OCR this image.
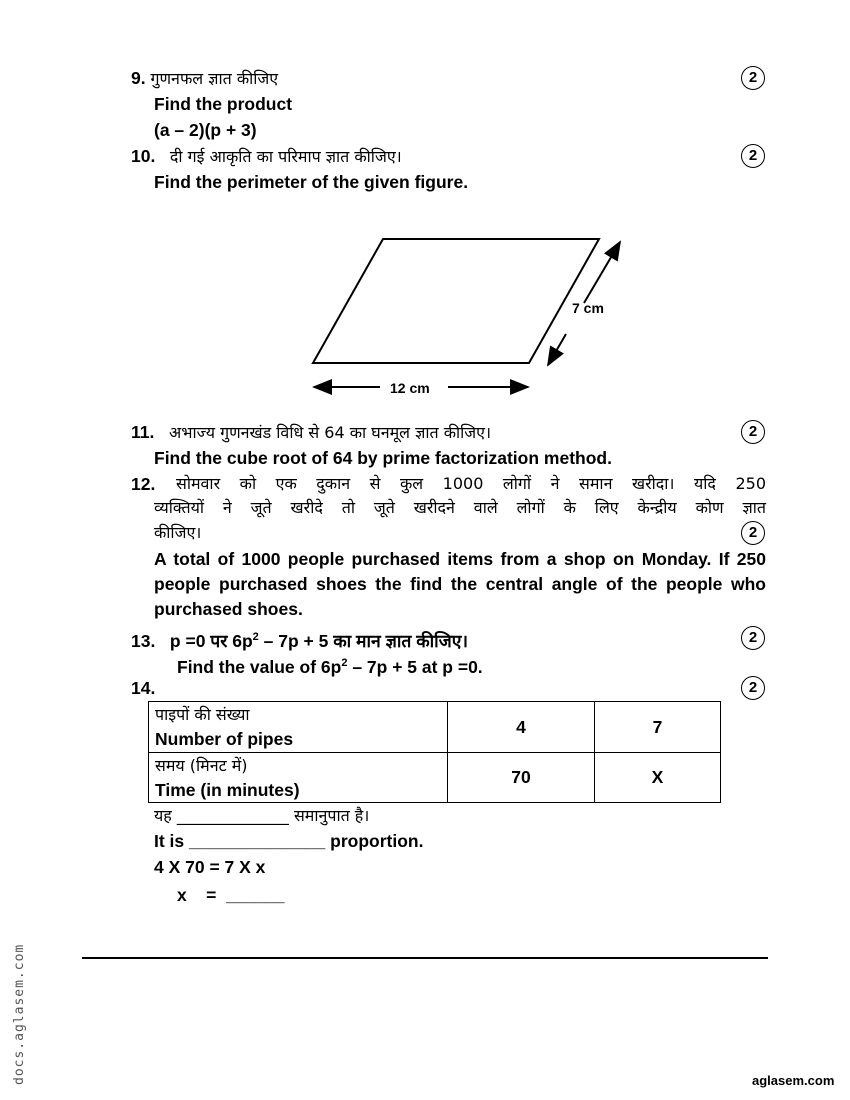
9. गुणनफल ज्ञात कीजिए	2
Find the product
(a – 2)(p + 3)
10. दी गई आकृति का परिमाप ज्ञात कीजिए।	2
Find the perimeter of the given figure.
7 cm
12 cm
11. अभाज्य गुणनखंड विधि से 64 का घनमूल ज्ञात कीजिए।	2
Find the cube root of 64 by prime factorization method.
12. सोमवार को एक दुकान से कुल 1000 लोगों ने समान खरीदा। यदि 250
व्यक्तियों ने जूते खरीदे तो जूते खरीदने वाले लोगों के लिए केन्द्रीय कोण ज्ञात
कीजिए।	2
A total of 1000 people purchased items from a shop on Monday. If 250
people purchased shoes the find the central angle of the people who
purchased shoes.
13. p =0 पर $6p^2 - 7p + 5$ का मान ज्ञात कीजिए।	2
Find the value of $6p^2 - 7p + 5$ at p =0.
14.	2
पाइपों की संख्या
Number of pipes	4	7
समय (मिनट में)
Time (in minutes)	70	X
यह ______________ समानुपात है।
It is ______________ proportion.
4 X 70 = 7 X x
x    =  ______
docs.aglasem.com	aglasem.com
